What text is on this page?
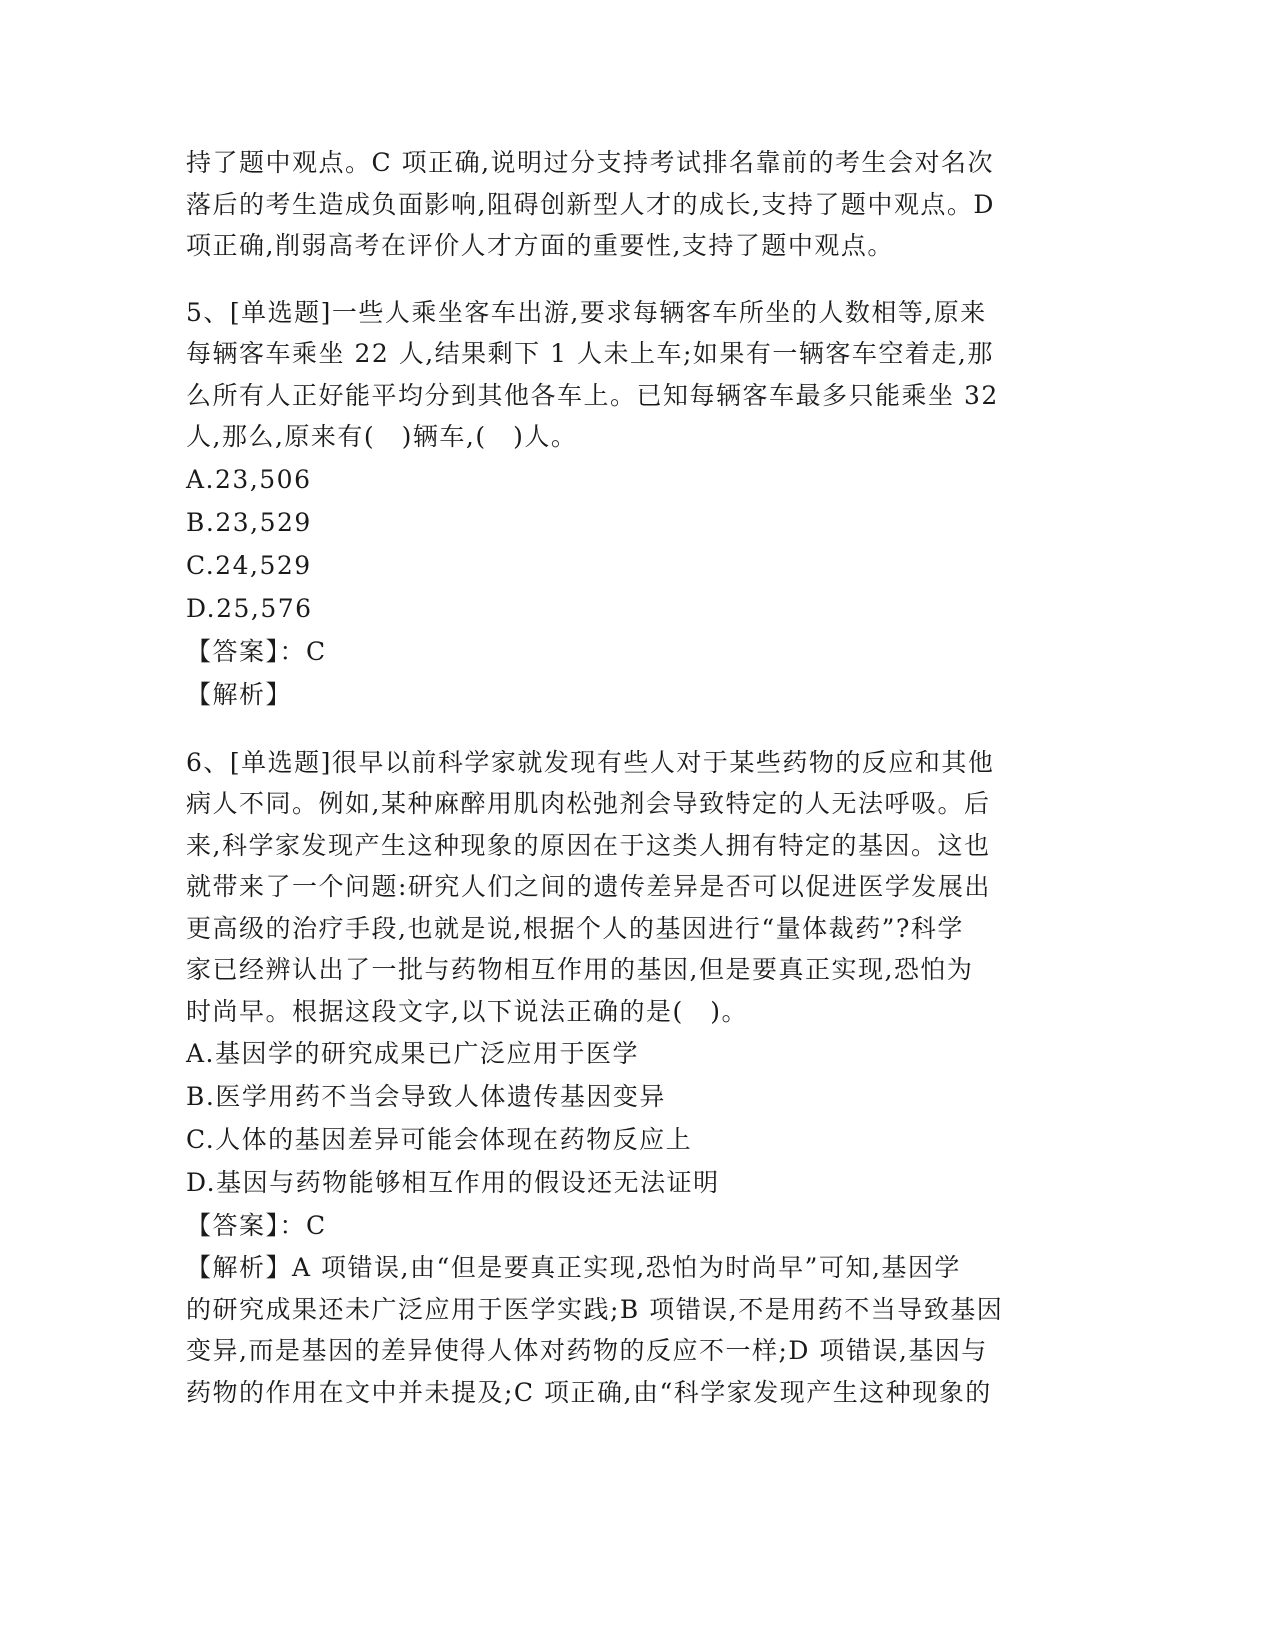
持了题中观点。C 项正确,说明过分支持考试排名靠前的考生会对名次

落后的考生造成负面影响,阻碍创新型人才的成长,支持了题中观点。D

项正确,削弱高考在评价人才方面的重要性,支持了题中观点。

5、[单选题]一些人乘坐客车出游,要求每辆客车所坐的人数相等,原来

每辆客车乘坐 22 人,结果剩下 1 人未上车;如果有一辆客车空着走,那

么所有人正好能平均分到其他各车上。已知每辆客车最多只能乘坐 32

人,那么,原来有(　)辆车,(　)人。

A.23,506

B.23,529

C.24,529

D.25,576

【答案】：C

【解析】

6、[单选题]很早以前科学家就发现有些人对于某些药物的反应和其他

病人不同。例如,某种麻醉用肌肉松弛剂会导致特定的人无法呼吸。后

来,科学家发现产生这种现象的原因在于这类人拥有特定的基因。这也

就带来了一个问题:研究人们之间的遗传差异是否可以促进医学发展出

更高级的治疗手段,也就是说,根据个人的基因进行“量体裁药”?科学

家已经辨认出了一批与药物相互作用的基因,但是要真正实现,恐怕为

时尚早。根据这段文字,以下说法正确的是(　)。

A.基因学的研究成果已广泛应用于医学

B.医学用药不当会导致人体遗传基因变异

C.人体的基因差异可能会体现在药物反应上

D.基因与药物能够相互作用的假设还无法证明

【答案】：C

【解析】A 项错误,由“但是要真正实现,恐怕为时尚早”可知,基因学

的研究成果还未广泛应用于医学实践;B 项错误,不是用药不当导致基因

变异,而是基因的差异使得人体对药物的反应不一样;D 项错误,基因与

药物的作用在文中并未提及;C 项正确,由“科学家发现产生这种现象的
